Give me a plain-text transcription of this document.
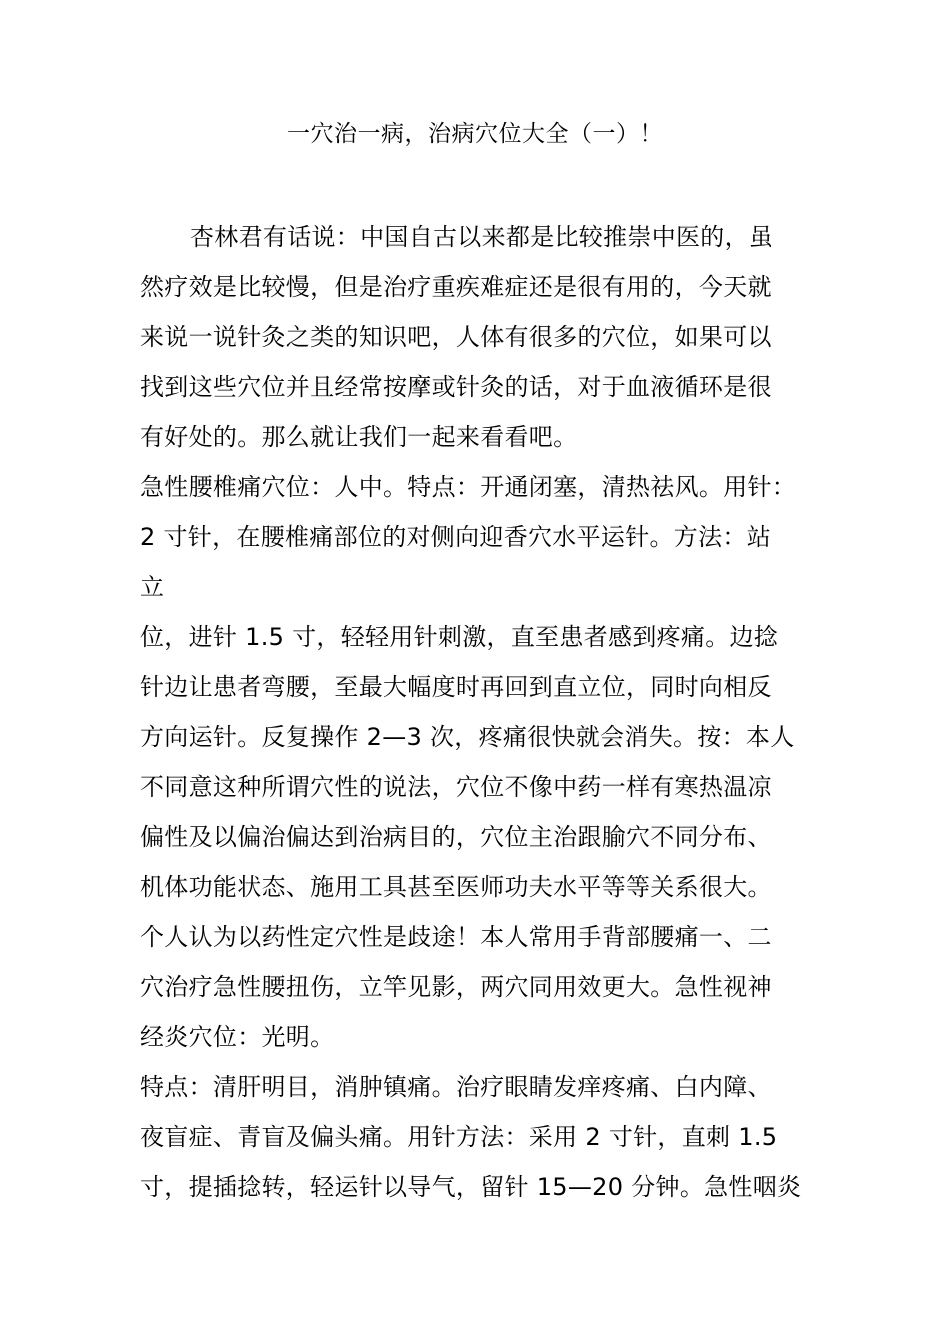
一穴治一病，治病穴位大全（一）！
杏林君有话说：中国自古以来都是比较推崇中医的，虽
然疗效是比较慢，但是治疗重疾难症还是很有用的，今天就
来说一说针灸之类的知识吧，人体有很多的穴位，如果可以
找到这些穴位并且经常按摩或针灸的话，对于血液循环是很
有好处的。那么就让我们一起来看看吧。
急性腰椎痛穴位：人中。特点：开通闭塞，清热祛风。用针：
2 寸针，在腰椎痛部位的对侧向迎香穴水平运针。方法：站
立
位，进针 1.5 寸，轻轻用针刺激，直至患者感到疼痛。边捻
针边让患者弯腰，至最大幅度时再回到直立位，同时向相反
方向运针。反复操作 2—3 次，疼痛很快就会消失。按：本人
不同意这种所谓穴性的说法，穴位不像中药一样有寒热温凉
偏性及以偏治偏达到治病目的，穴位主治跟腧穴不同分布、
机体功能状态、施用工具甚至医师功夫水平等等关系很大。
个人认为以药性定穴性是歧途！本人常用手背部腰痛一、二
穴治疗急性腰扭伤，立竿见影，两穴同用效更大。急性视神
经炎穴位：光明。
特点：清肝明目，消肿镇痛。治疗眼睛发痒疼痛、白内障、
夜盲症、青盲及偏头痛。用针方法：采用 2 寸针，直刺 1.5
寸，提插捻转，轻运针以导气，留针 15—20 分钟。急性咽炎
